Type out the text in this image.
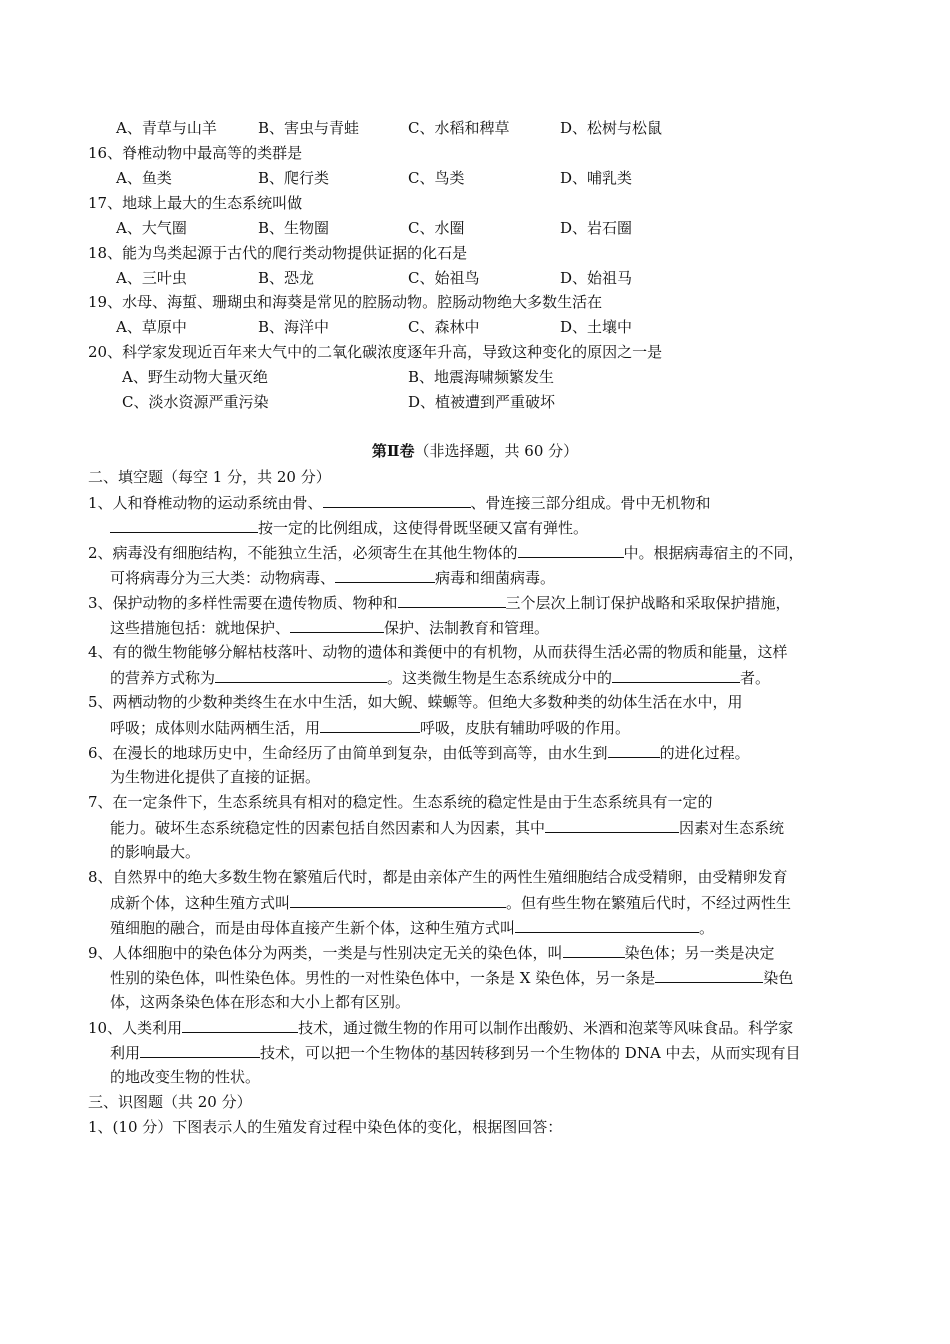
A、青草与山羊	B、害虫与青蛙	C、水稻和稗草	D、松树与松鼠
16、脊椎动物中最高等的类群是
A、鱼类	B、爬行类	C、鸟类	D、哺乳类
17、地球上最大的生态系统叫做
A、大气圈	B、生物圈	C、水圈	D、岩石圈
18、能为鸟类起源于古代的爬行类动物提供证据的化石是
A、三叶虫	B、恐龙	C、始祖鸟	D、始祖马
19、水母、海蜇、珊瑚虫和海葵是常见的腔肠动物。腔肠动物绝大多数生活在
A、草原中	B、海洋中	C、森林中	D、土壤中
20、科学家发现近百年来大气中的二氧化碳浓度逐年升高，导致这种变化的原因之一是
A、野生动物大量灭绝	B、地震海啸频繁发生
C、淡水资源严重污染	D、植被遭到严重破坏
第Ⅱ卷（非选择题，共 60 分）
二、填空题（每空 1 分，共 20 分）
1、人和脊椎动物的运动系统由骨、	、骨连接三部分组成。骨中无机物和
按一定的比例组成，这使得骨既坚硬又富有弹性。
2、病毒没有细胞结构，不能独立生活，必须寄生在其他生物体的	中。根据病毒宿主的不同，
可将病毒分为三大类：动物病毒、	病毒和细菌病毒。
3、保护动物的多样性需要在遗传物质、物种和	三个层次上制订保护战略和采取保护措施，
这些措施包括：就地保护、	保护、法制教育和管理。
4、有的微生物能够分解枯枝落叶、动物的遗体和粪便中的有机物，从而获得生活必需的物质和能量，这样
的营养方式称为	。这类微生物是生态系统成分中的	者。
5、两栖动物的少数种类终生在水中生活，如大鲵、蝾螈等。但绝大多数种类的幼体生活在水中，用
呼吸；成体则水陆两栖生活，用	呼吸，皮肤有辅助呼吸的作用。
6、在漫长的地球历史中，生命经历了由简单到复杂，由低等到高等，由水生到	的进化过程。
为生物进化提供了直接的证据。
7、在一定条件下，生态系统具有相对的稳定性。生态系统的稳定性是由于生态系统具有一定的
能力。破坏生态系统稳定性的因素包括自然因素和人为因素，其中	因素对生态系统
的影响最大。
8、自然界中的绝大多数生物在繁殖后代时，都是由亲体产生的两性生殖细胞结合成受精卵，由受精卵发育
成新个体，这种生殖方式叫	。但有些生物在繁殖后代时，不经过两性生
殖细胞的融合，而是由母体直接产生新个体，这种生殖方式叫	。
9、人体细胞中的染色体分为两类，一类是与性别决定无关的染色体，叫	染色体；另一类是决定
性别的染色体，叫性染色体。男性的一对性染色体中，一条是 X 染色体，另一条是	染色
体，这两条染色体在形态和大小上都有区别。
10、人类利用	技术，通过微生物的作用可以制作出酸奶、米酒和泡菜等风味食品。科学家
利用	技术，可以把一个生物体的基因转移到另一个生物体的 DNA 中去，从而实现有目
的地改变生物的性状。
三、识图题（共 20 分）
1、(10 分）下图表示人的生殖发育过程中染色体的变化，根据图回答：
